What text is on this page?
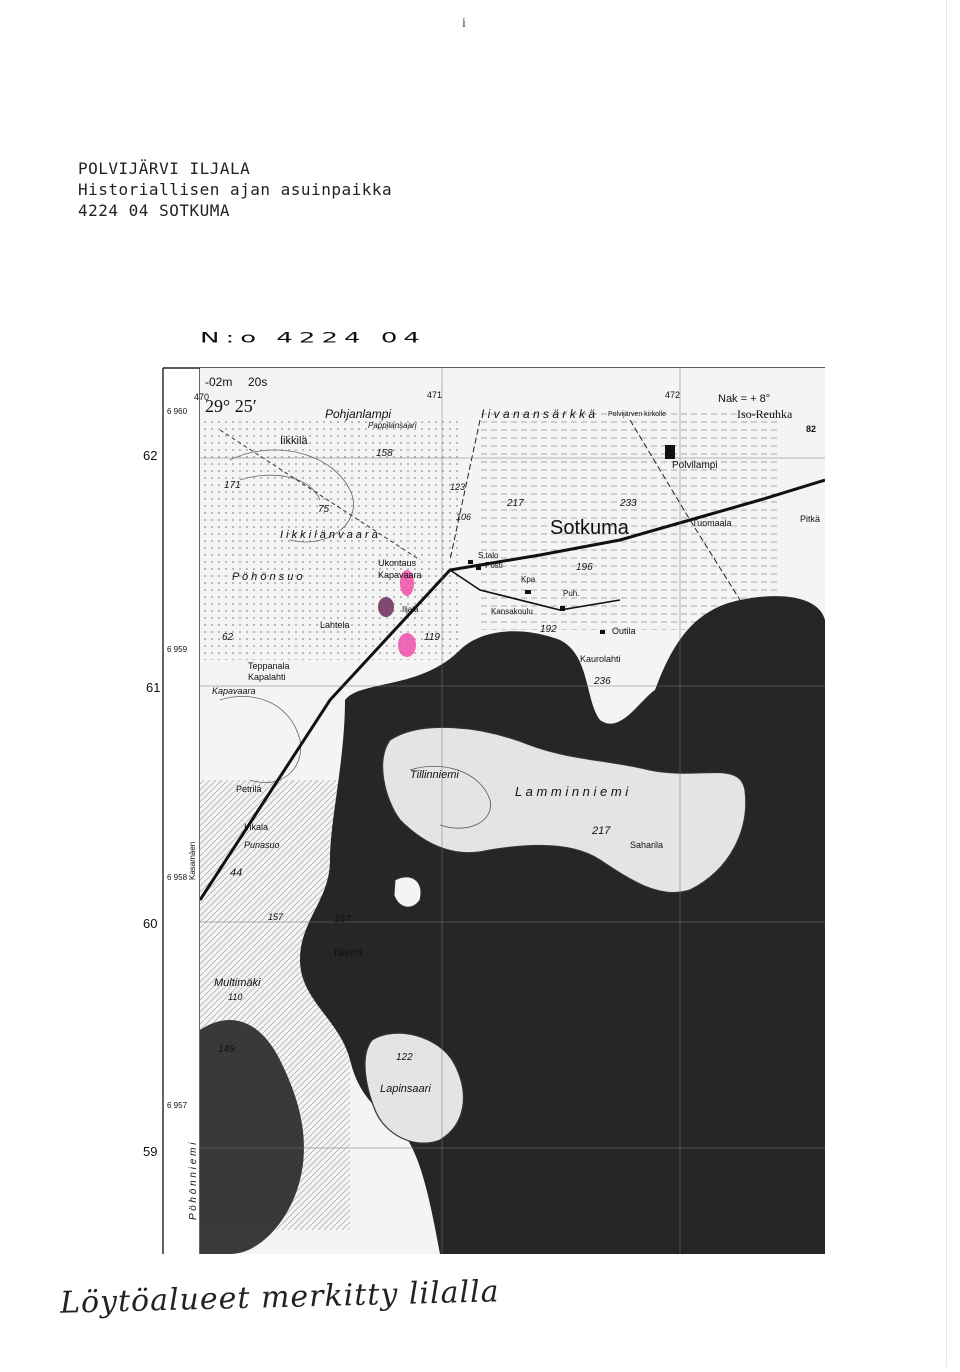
i
POLVIJÄRVI ILJALA
Historiallisen ajan asuinpaikka
4224 04 SOTKUMA
N:o 4224 04
-02m 20s
29° 25′
470
6 960
471	472	Nak = + 8°
62
6 959
61
6 958
60
6 957
59
Pohjanlampi	I i v a n a n s ä r k k ä Polvijärven kirkolle	Iso-Reuhka
Pappilansaari
Iikkilä
I i k k i l ä n v a a r a
P ö h ö n s u o
Sotkuma
Polvilampi
Tuomaala	Pitkä
Ukontaus
Kapavaara
S.talo
Posti
Kpa
Puh.
Kansakoulu
Iljala
Lahtela
Teppanala
Kapalahti
Kapavaara
Outila
Kaurolahti
Tillinniemi
L a m m i n n i e m i
Petrilä
Inkala
Punasuo	Saharila
Niemi
Multimäki
Lapinsaari
Kasamäen
P ö h ö n n i e m i
158
171
75
123
106
82
217	233
196
62	119
192
236
217
44
157
149
122
157
110
Löytöalueet merkitty lilalla
